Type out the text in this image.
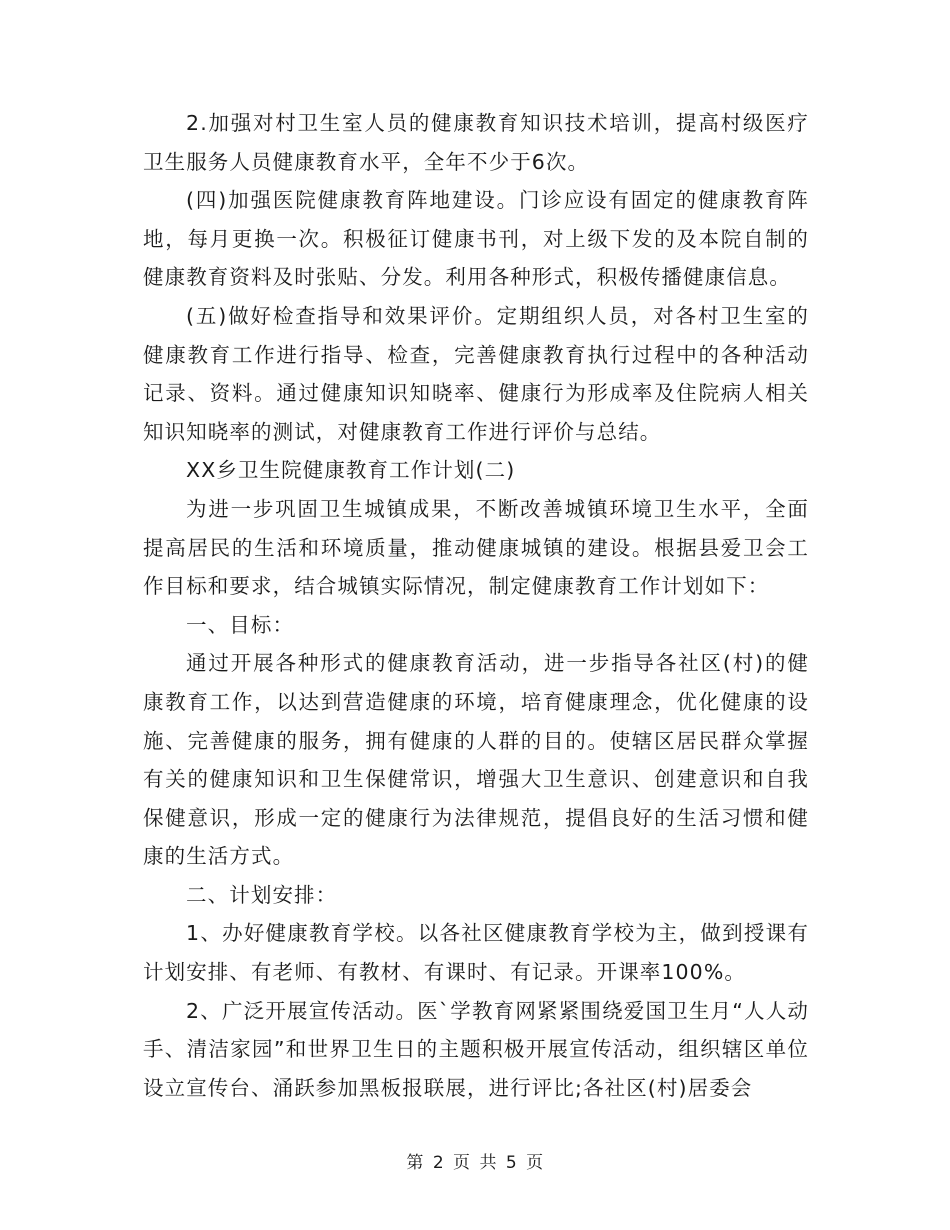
2.加强对村卫生室人员的健康教育知识技术培训，提高村级医疗卫生服务人员健康教育水平，全年不少于6次。

(四)加强医院健康教育阵地建设。门诊应设有固定的健康教育阵地，每月更换一次。积极征订健康书刊，对上级下发的及本院自制的健康教育资料及时张贴、分发。利用各种形式，积极传播健康信息。

(五)做好检查指导和效果评价。定期组织人员，对各村卫生室的健康教育工作进行指导、检查，完善健康教育执行过程中的各种活动记录、资料。通过健康知识知晓率、健康行为形成率及住院病人相关知识知晓率的测试，对健康教育工作进行评价与总结。

XX乡卫生院健康教育工作计划(二)

为进一步巩固卫生城镇成果，不断改善城镇环境卫生水平，全面提高居民的生活和环境质量，推动健康城镇的建设。根据县爱卫会工作目标和要求，结合城镇实际情况，制定健康教育工作计划如下：

一、目标：

通过开展各种形式的健康教育活动，进一步指导各社区(村)的健康教育工作，以达到营造健康的环境，培育健康理念，优化健康的设施、完善健康的服务，拥有健康的人群的目的。使辖区居民群众掌握有关的健康知识和卫生保健常识，增强大卫生意识、创建意识和自我保健意识，形成一定的健康行为法律规范，提倡良好的生活习惯和健康的生活方式。

二、计划安排：

1、办好健康教育学校。以各社区健康教育学校为主，做到授课有计划安排、有老师、有教材、有课时、有记录。开课率100%。

2、广泛开展宣传活动。医`学教育网紧紧围绕爱国卫生月“人人动手、清洁家园”和世界卫生日的主题积极开展宣传活动，组织辖区单位设立宣传台、涌跃参加黑板报联展，进行评比;各社区(村)居委会

第 2 页 共 5 页
